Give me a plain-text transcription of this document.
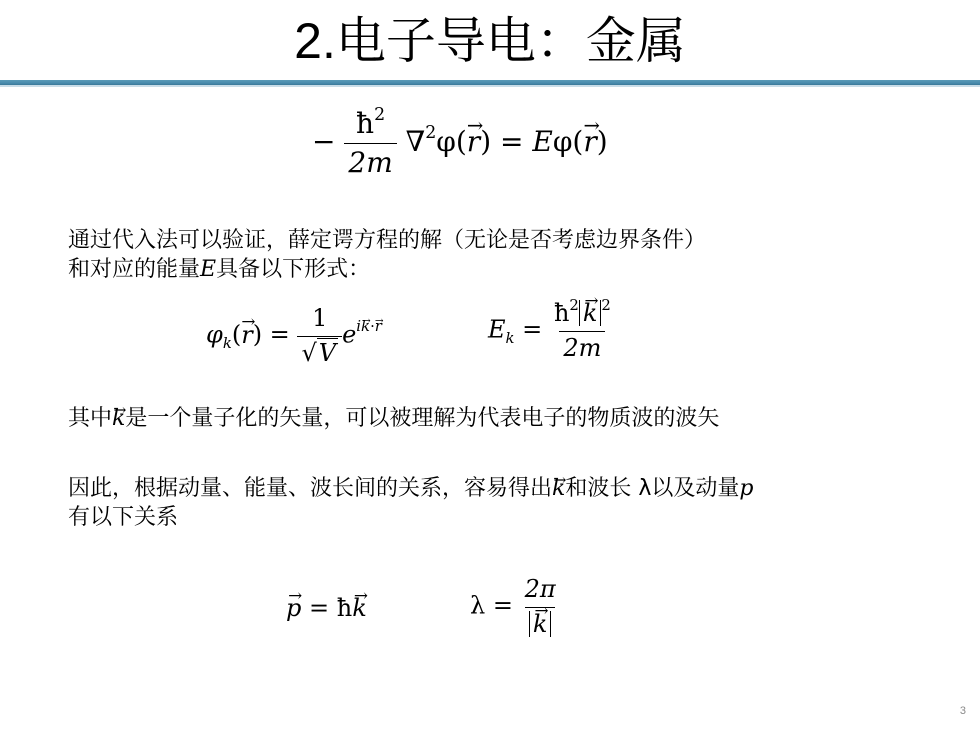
2.电子导电：金属
− $\frac{ħ^2}{2m} \nabla^2\varphi(\to r) = E\varphi(\to r)$
通过代入法可以验证，薛定谔方程的解（无论是否考虑边界条件）
和对应的能量E具备以下形式：
$\varphi_k(\to r) = \frac{1}{√V} e^{ik\cdot r}$	$E_k = \frac{ħ^2\to k ^2}{2m}$
其中→ k是一个量子化的矢量，可以被理解为代表电子的物质波的波矢
因此，根据动量、能量、波长间的关系，容易得出→ k和波长 λ以及动量p
有以下关系
→ p = ħ→ k	λ = 2π
→ k
3
